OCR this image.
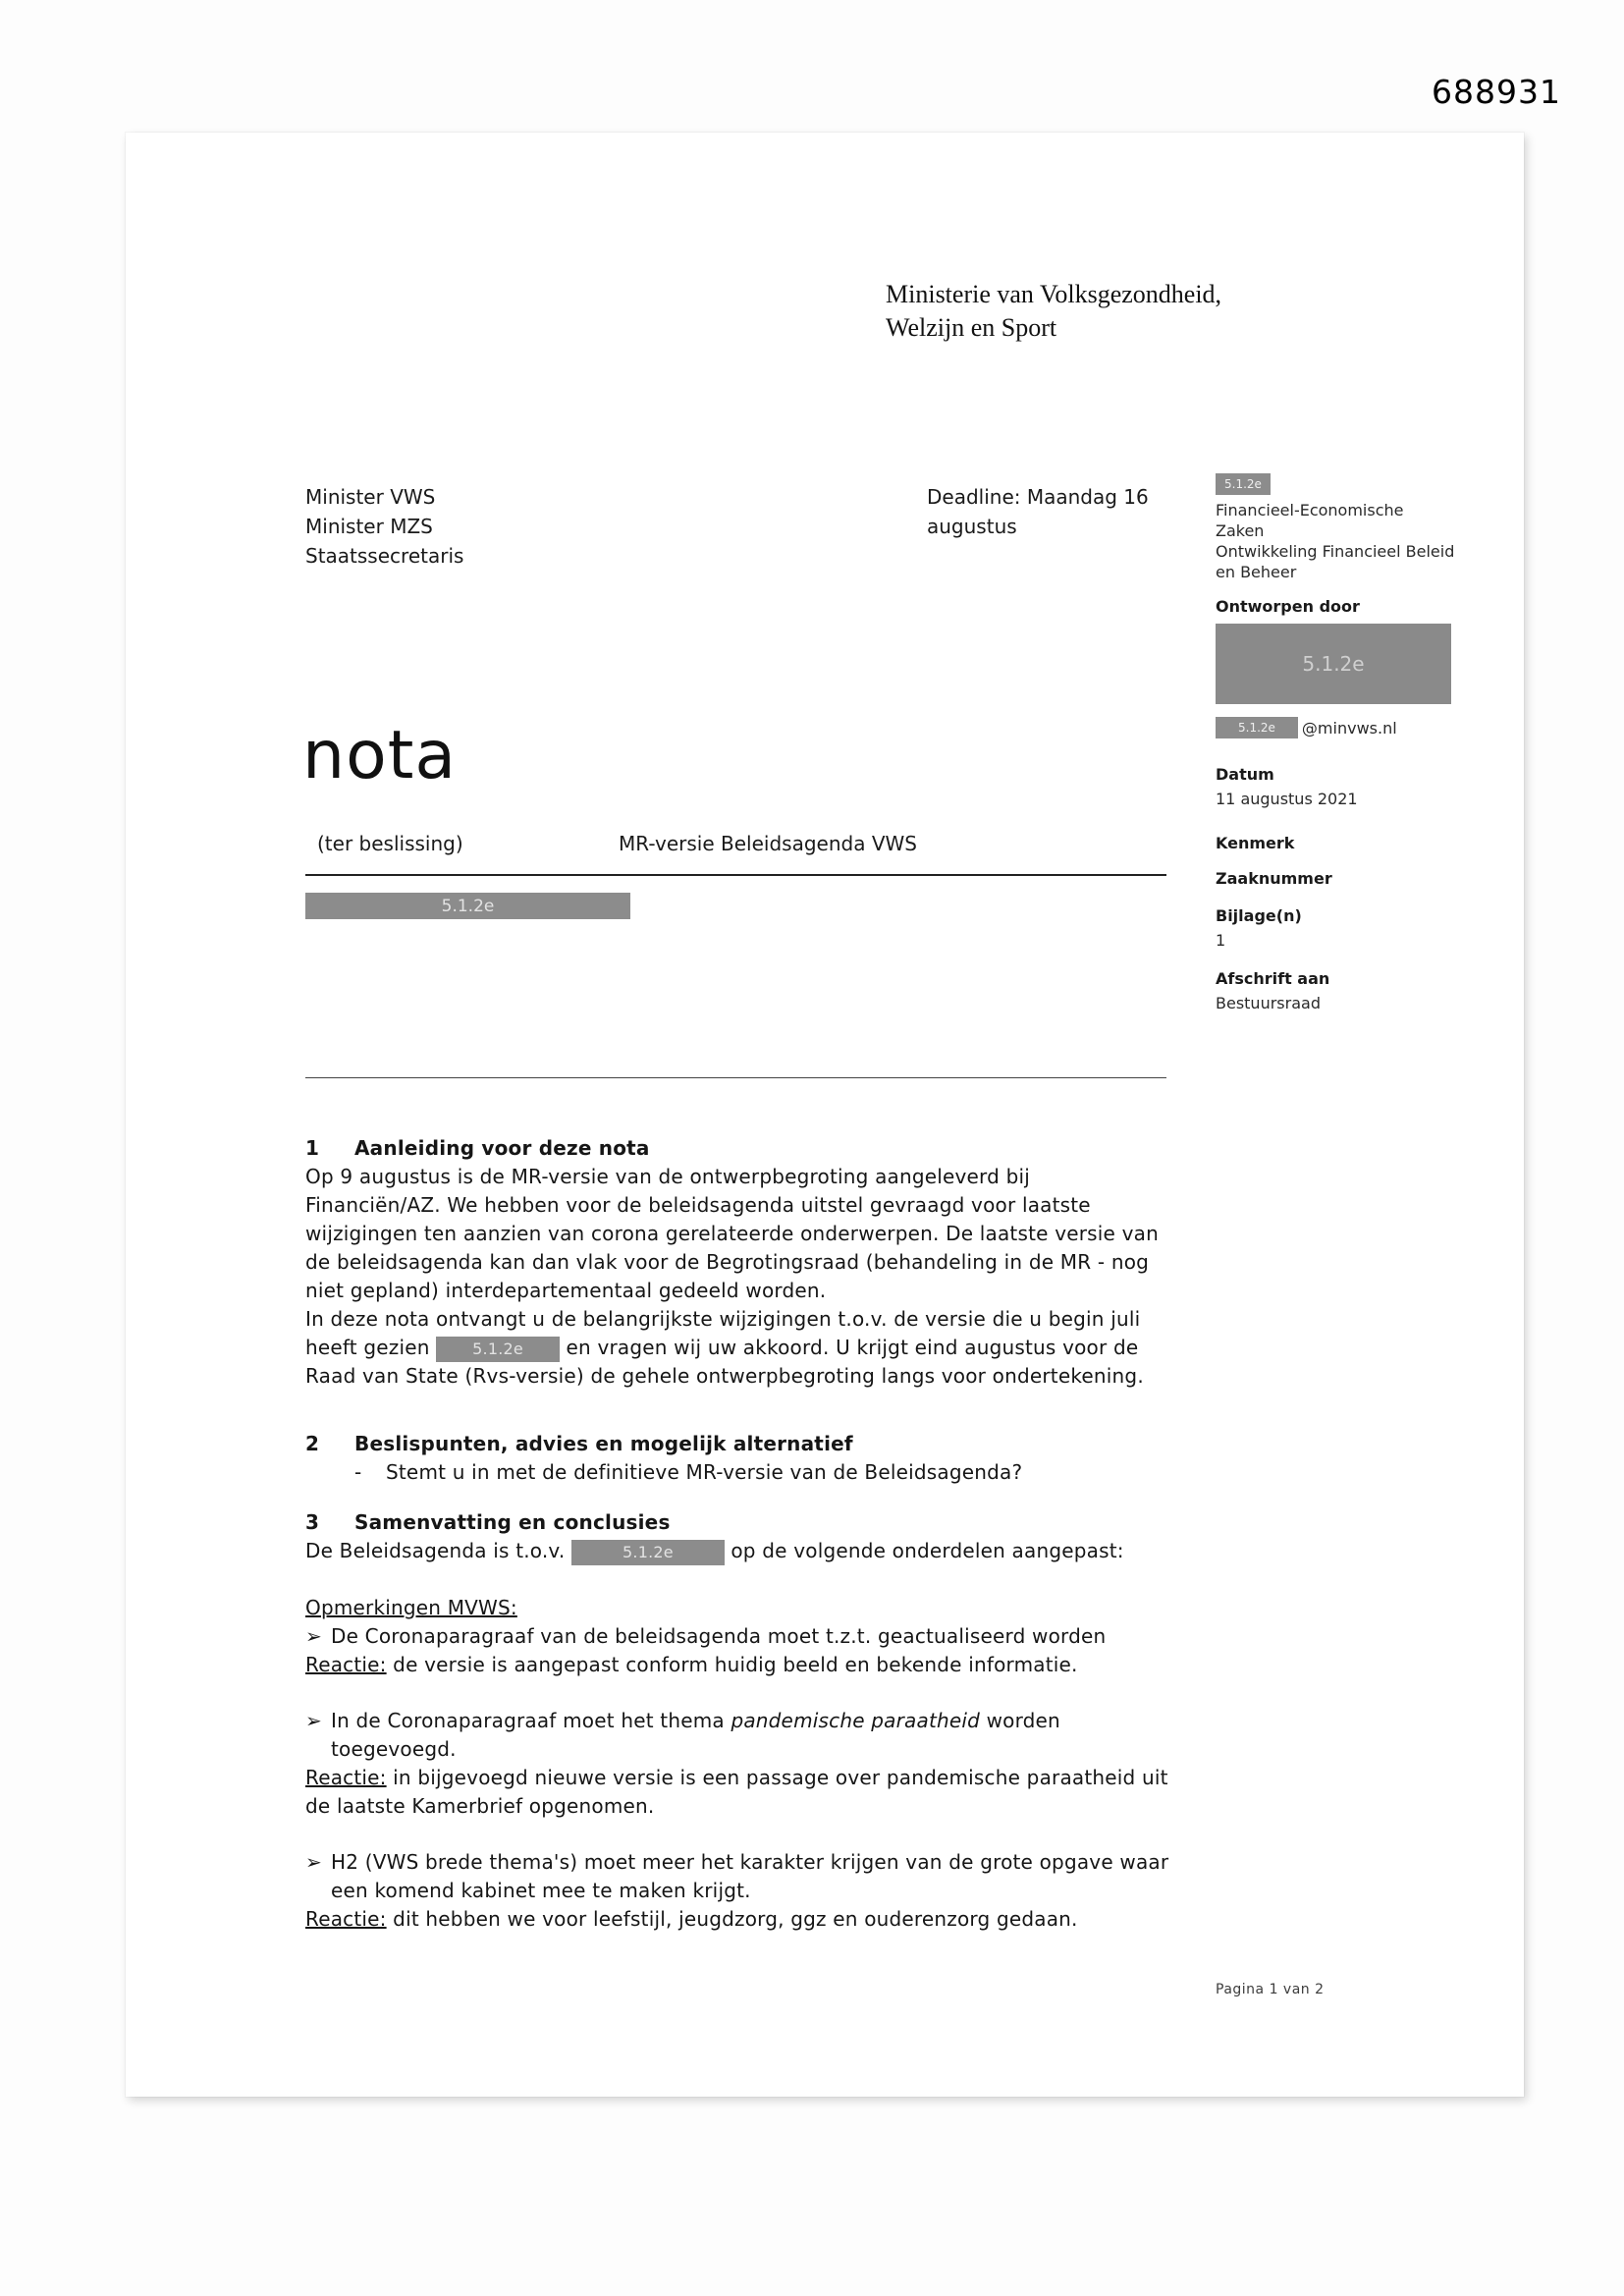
688931
Ministerie van Volksgezondheid,
Welzijn en Sport
Minister VWS
Minister MZS
Staatssecretaris
Deadline: Maandag 16
augustus
5.1.2e
Financieel-Economische
Zaken
Ontwikkeling Financieel Beleid
en Beheer
Ontworpen door
5.1.2e
5.1.2e	@minvws.nl
Datum
11 augustus 2021
Kenmerk
Zaaknummer
Bijlage(n)
1
Afschrift aan
Bestuursraad
nota
(ter beslissing)	MR-versie Beleidsagenda VWS
5.1.2e
1 Aanleiding voor deze nota

Op 9 augustus is de MR-versie van de ontwerpbegroting aangeleverd bij Financiën/AZ. We hebben voor de beleidsagenda uitstel gevraagd voor laatste wijzigingen ten aanzien van corona gerelateerde onderwerpen. De laatste versie van de beleidsagenda kan dan vlak voor de Begrotingsraad (behandeling in de MR - nog niet gepland) interdepartementaal gedeeld worden.

In deze nota ontvangt u de belangrijkste wijzigingen t.o.v. de versie die u begin juli heeft gezien	5.1.2e en vragen wij uw akkoord. U krijgt eind augustus voor de Raad van State (Rvs-versie) de gehele ontwerpbegroting langs voor ondertekening.

2 Beslispunten, advies en mogelijk alternatief
- Stemt u in met de definitieve MR-versie van de Beleidsagenda?
3 Samenvatting en conclusies

De Beleidsagenda is t.o.v.	5.1.2e	op de volgende onderdelen aangepast:

Opmerkingen MVWS:
➢ De Coronaparagraaf van de beleidsagenda moet t.z.t. geactualiseerd worden

Reactie: de versie is aangepast conform huidig beeld en bekende informatie.

➢ In de Coronaparagraaf moet het thema pandemische paraatheid worden toegevoegd.

Reactie: in bijgevoegd nieuwe versie is een passage over pandemische paraatheid uit de laatste Kamerbrief opgenomen.

➢ H2 (VWS brede thema's) moet meer het karakter krijgen van de grote opgave waar een komend kabinet mee te maken krijgt.

Reactie: dit hebben we voor leefstijl, jeugdzorg, ggz en ouderenzorg gedaan.

Pagina 1 van 2
